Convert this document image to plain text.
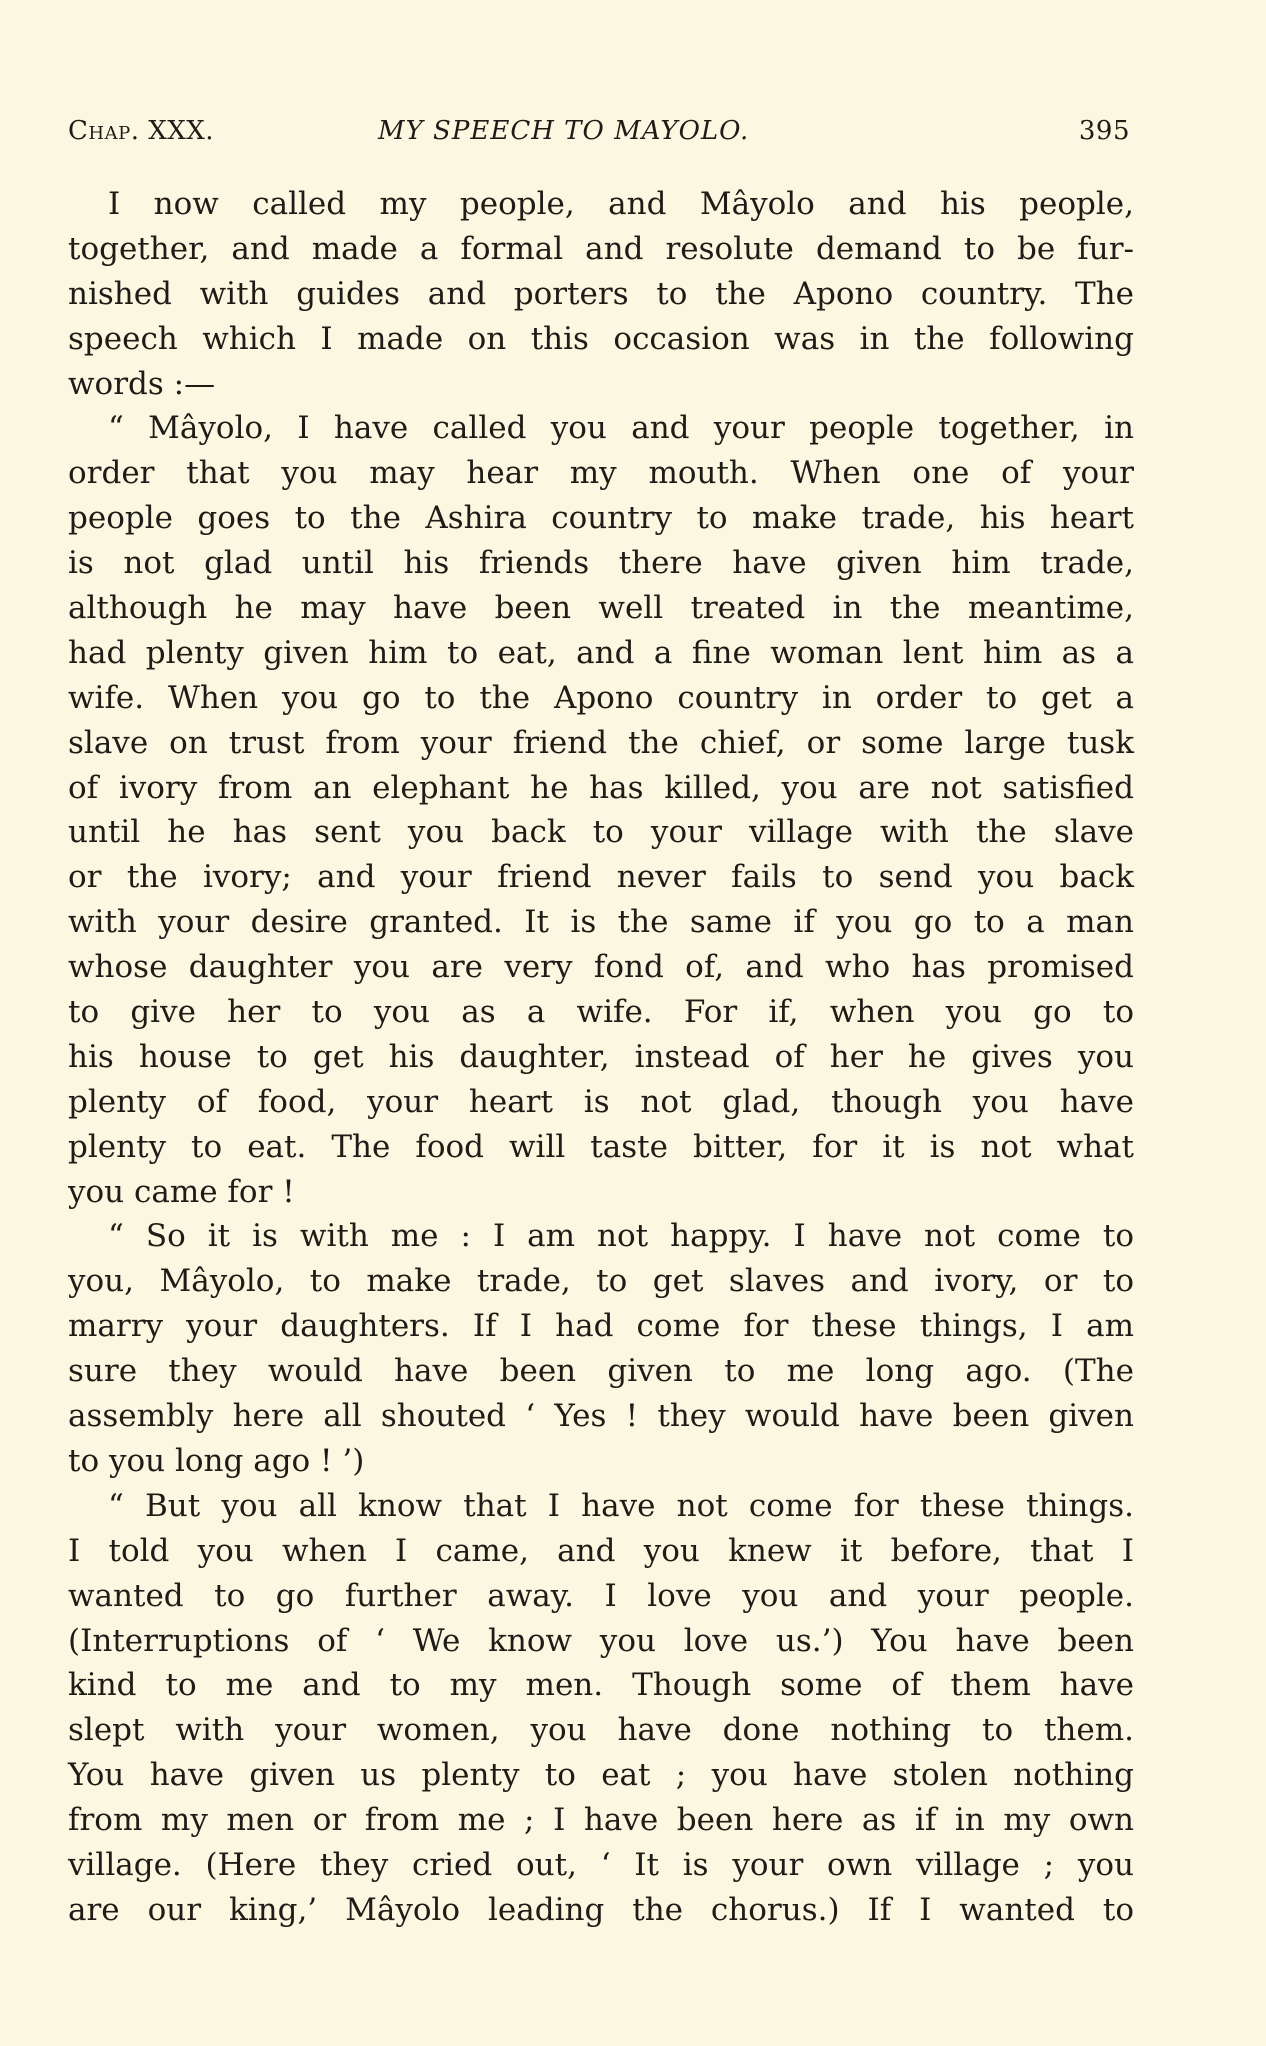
Chap. XXX.	MY SPEECH TO MAYOLO.	395
I now called my people, and Mâyolo and his people,
together, and made a formal and resolute demand to be fur-
nished with guides and porters to the Apono country. The
speech which I made on this occasion was in the following
words :—
“ Mâyolo, I have called you and your people together, in
order that you may hear my mouth. When one of your
people goes to the Ashira country to make trade, his heart
is not glad until his friends there have given him trade,
although he may have been well treated in the meantime,
had plenty given him to eat, and a fine woman lent him as a
wife. When you go to the Apono country in order to get a
slave on trust from your friend the chief, or some large tusk
of ivory from an elephant he has killed, you are not satisfied
until he has sent you back to your village with the slave
or the ivory; and your friend never fails to send you back
with your desire granted. It is the same if you go to a man
whose daughter you are very fond of, and who has promised
to give her to you as a wife. For if, when you go to
his house to get his daughter, instead of her he gives you
plenty of food, your heart is not glad, though you have
plenty to eat. The food will taste bitter, for it is not what
you came for !
“ So it is with me : I am not happy. I have not come to
you, Mâyolo, to make trade, to get slaves and ivory, or to
marry your daughters. If I had come for these things, I am
sure they would have been given to me long ago. (The
assembly here all shouted ‘ Yes ! they would have been given
to you long ago ! ’)
“ But you all know that I have not come for these things.
I told you when I came, and you knew it before, that I
wanted to go further away. I love you and your people.
(Interruptions of ‘ We know you love us.’) You have been
kind to me and to my men. Though some of them have
slept with your women, you have done nothing to them.
You have given us plenty to eat ; you have stolen nothing
from my men or from me ; I have been here as if in my own
village. (Here they cried out, ‘ It is your own village ; you
are our king,’ Mâyolo leading the chorus.) If I wanted to
